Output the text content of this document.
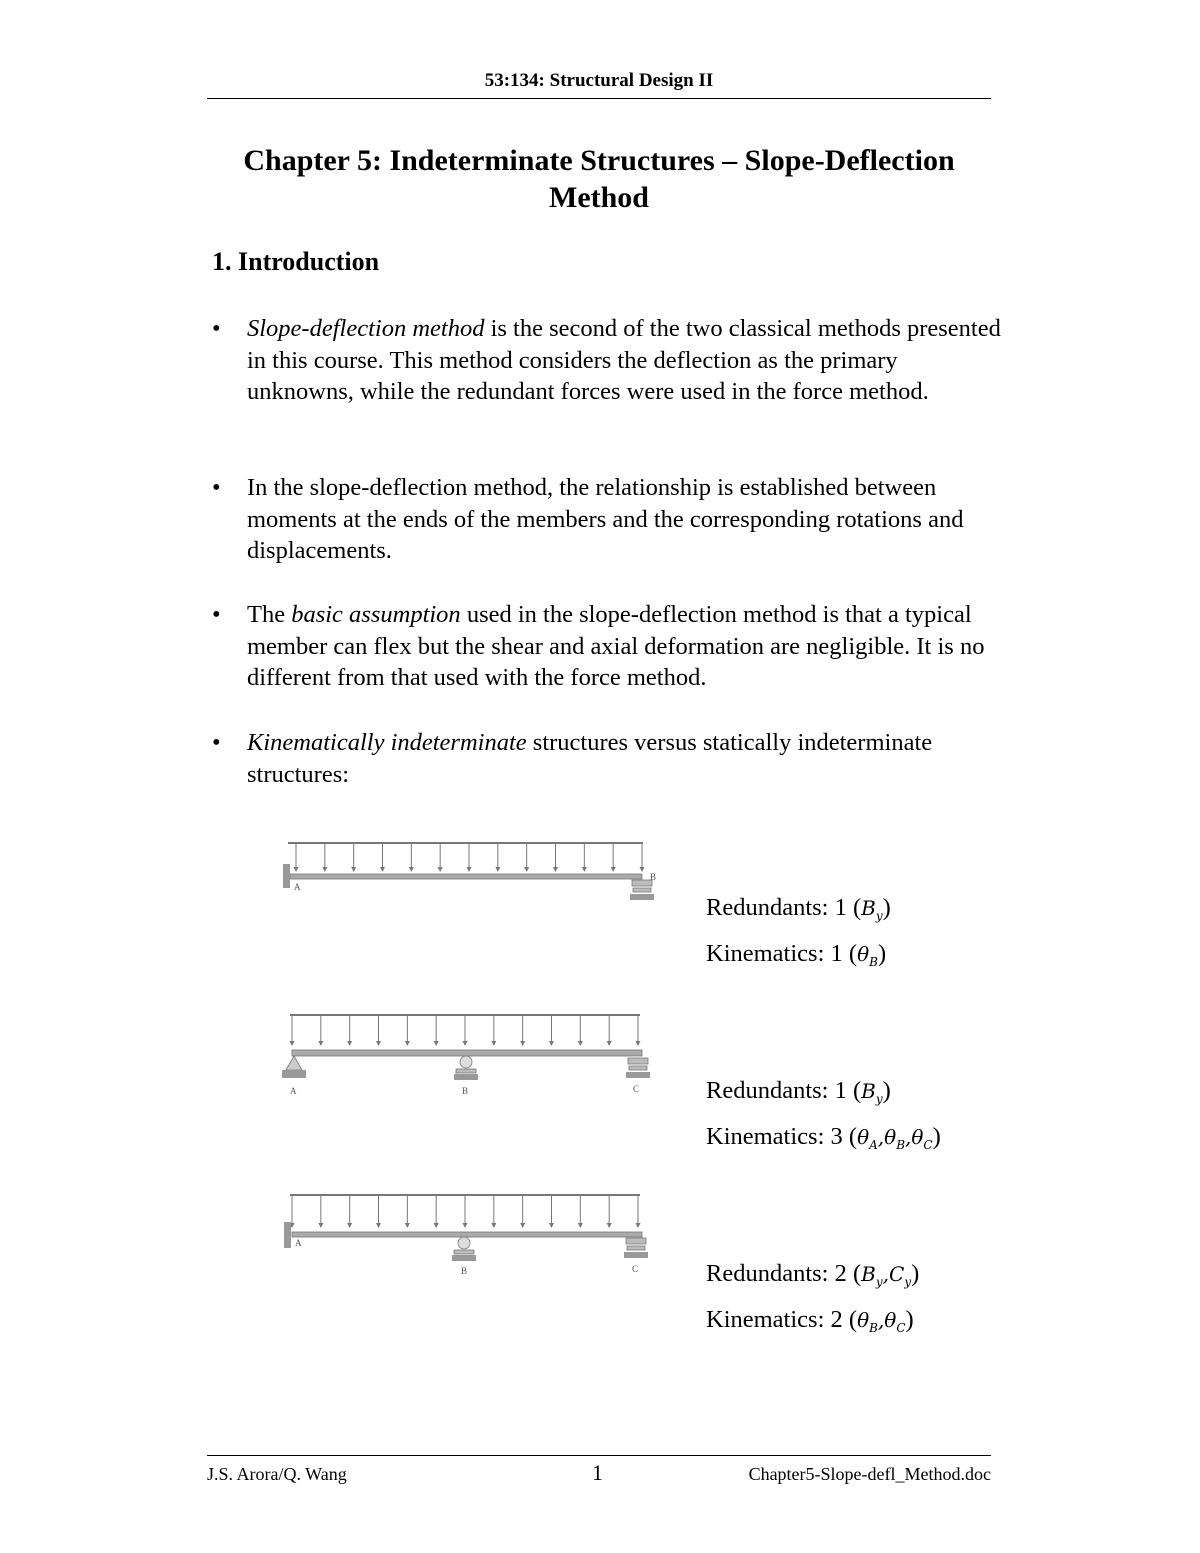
53:134: Structural Design II
Chapter 5: Indeterminate Structures – Slope-Deflection
Method
1. Introduction
•	Slope-deflection method is the second of the two classical methods presented in this course. This method considers the deflection as the primary unknowns, while the redundant forces were used in the force method.
•	In the slope-deflection method, the relationship is established between moments at the ends of the members and the corresponding rotations and displacements.
•	The basic assumption used in the slope-deflection method is that a typical member can flex but the shear and axial deformation are negligible. It is no different from that used with the force method.
•	Kinematically indeterminate structures versus statically indeterminate structures:
A
B
Redundants: 1 $(B_y)$
Kinematics: 1 $(\theta_B)$
A	B	C	Redundants: 1 $(B_y)$
Kinematics: 3 $(\theta_A,\theta_B,\theta_C)$
A
B	C	Redundants: 2 $(B_y,C_y)$
Kinematics: 2 $(\theta_B,\theta_C)$
J.S. Arora/Q. Wang	1	Chapter5-Slope-defl_Method.doc
